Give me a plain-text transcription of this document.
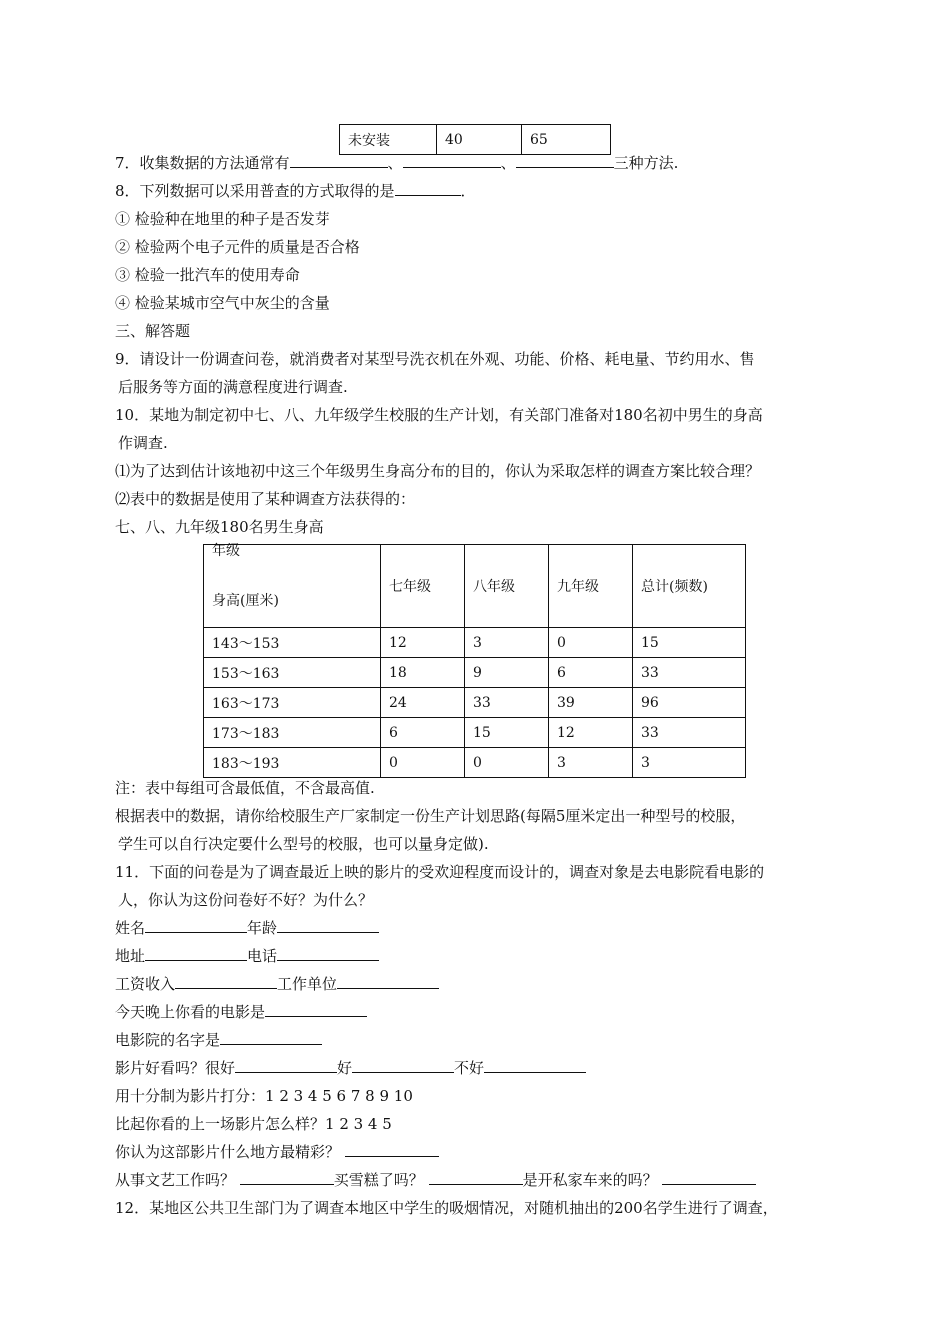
未安装	40	65
7．收集数据的方法通常有	、	、	三种方法.
8．下列数据可以采用普查的方式取得的是	．
① 检验种在地里的种子是否发芽
② 检验两个电子元件的质量是否合格
③ 检验一批汽车的使用寿命
④ 检验某城市空气中灰尘的含量
三、解答题
9．请设计一份调查问卷，就消费者对某型号洗衣机在外观、功能、价格、耗电量、节约用水、售
后服务等方面的满意程度进行调查.
10．某地为制定初中七、八、九年级学生校服的生产计划，有关部门准备对180名初中男生的身高
作调查.
⑴为了达到估计该地初中这三个年级男生身高分布的目的，你认为采取怎样的调查方案比较合理？
⑵表中的数据是使用了某种调查方法获得的：
七、八、九年级180名男生身高
年级
身高(厘米)	七年级	八年级	九年级	总计(频数)
143～153	12	3	0	15
153～163	18	9	6	33
163～173	24	33	39	96
173～183	6	15	12	33
183～193	0	0	3	3
注：表中每组可含最低值，不含最高值.
根据表中的数据，请你给校服生产厂家制定一份生产计划思路(每隔5厘米定出一种型号的校服，
学生可以自行决定要什么型号的校服，也可以量身定做).
11．下面的问卷是为了调查最近上映的影片的受欢迎程度而设计的，调查对象是去电影院看电影的
人，你认为这份问卷好不好？为什么？
姓名	年龄
地址	电话
工资收入	工作单位
今天晚上你看的电影是
电影院的名字是
影片好看吗？很好	好	不好
用十分制为影片打分：1 2 3 4 5 6 7 8 9 10
比起你看的上一场影片怎么样？1 2 3 4 5
你认为这部影片什么地方最精彩？
从事文艺工作吗？	买雪糕了吗？	是开私家车来的吗？
12．某地区公共卫生部门为了调查本地区中学生的吸烟情况，对随机抽出的200名学生进行了调查，
